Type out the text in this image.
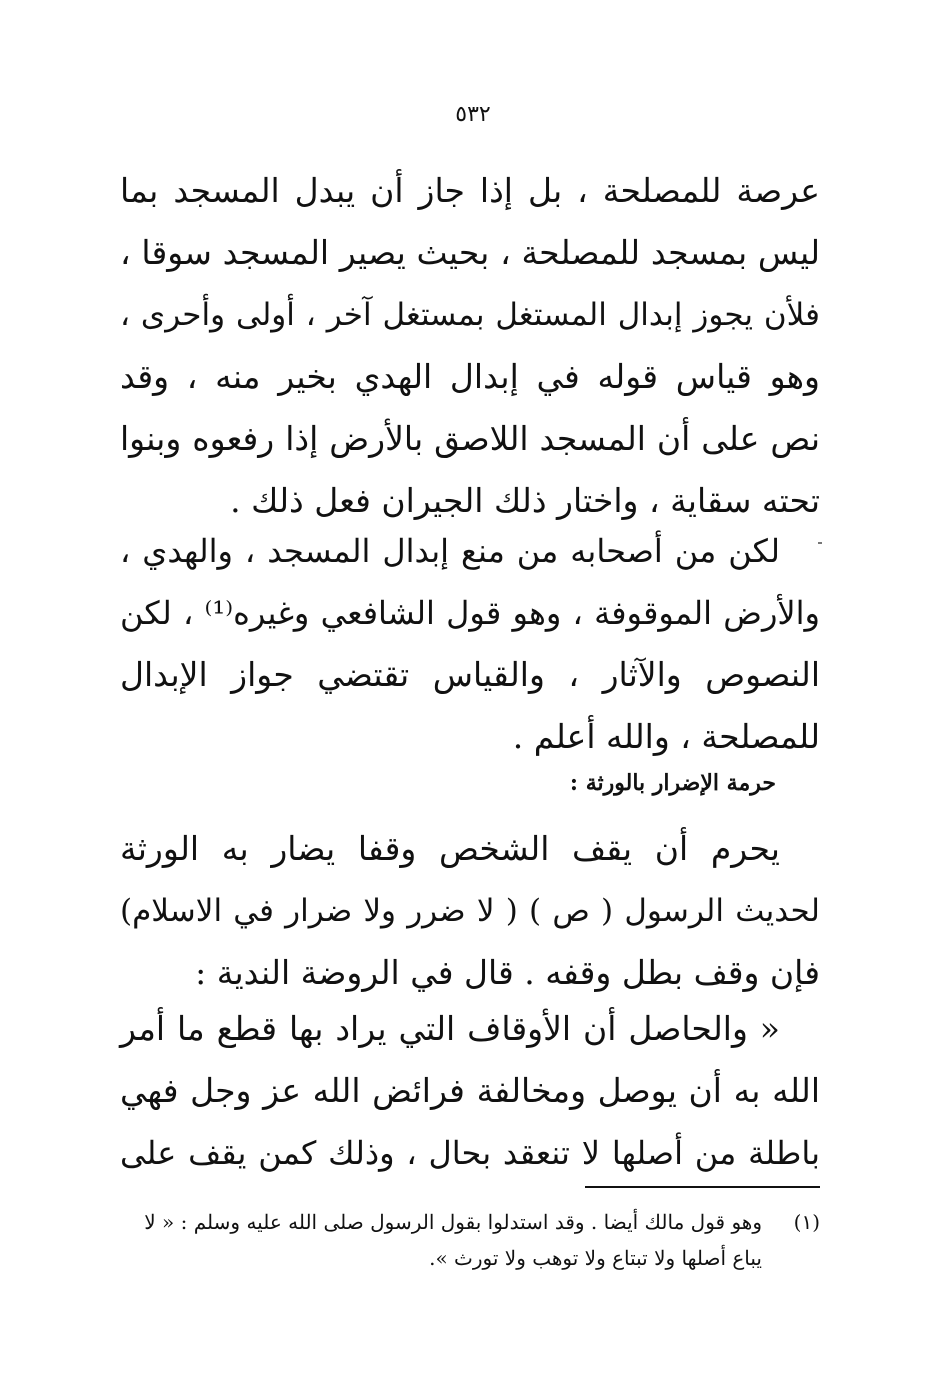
٥٣٢
عرصة للمصلحة ، بل إذا جاز أن يبدل المسجد بما
ليس بمسجد للمصلحة ، بحيث يصير المسجد سوقا ،
فلأن يجوز إبدال المستغل بمستغل آخر ، أولى وأحرى ،
وهو قياس قوله في إبدال الهدي بخير منه ، وقد
نص على أن المسجد اللاصق بالأرض إذا رفعوه وبنوا
تحته سقاية ، واختار ذلك الجيران فعل ذلك .
لكن من أصحابه من منع إبدال المسجد ، والهدي ،
والأرض الموقوفة ، وهو قول الشافعي وغيره⁽¹⁾ ، لكن
النصوص والآثار ، والقياس تقتضي جواز الإبدال
للمصلحة ، والله أعلم .
حرمة الإضرار بالورثة :
يحرم أن يقف الشخص وقفا يضار به الورثة
لحديث الرسول ( ص ) ( لا ضرر ولا ضرار في الاسلام)
فإن وقف بطل وقفه . قال في الروضة الندية :
« والحاصل أن الأوقاف التي يراد بها قطع ما أمر
الله به أن يوصل ومخالفة فرائض الله عز وجل فهي
باطلة من أصلها لا تنعقد بحال ، وذلك كمن يقف على
(١)وهو قول مالك أيضا . وقد استدلوا بقول الرسول صلى الله عليه وسلم : « لا
يباع أصلها ولا تبتاع ولا توهب ولا تورث ».
